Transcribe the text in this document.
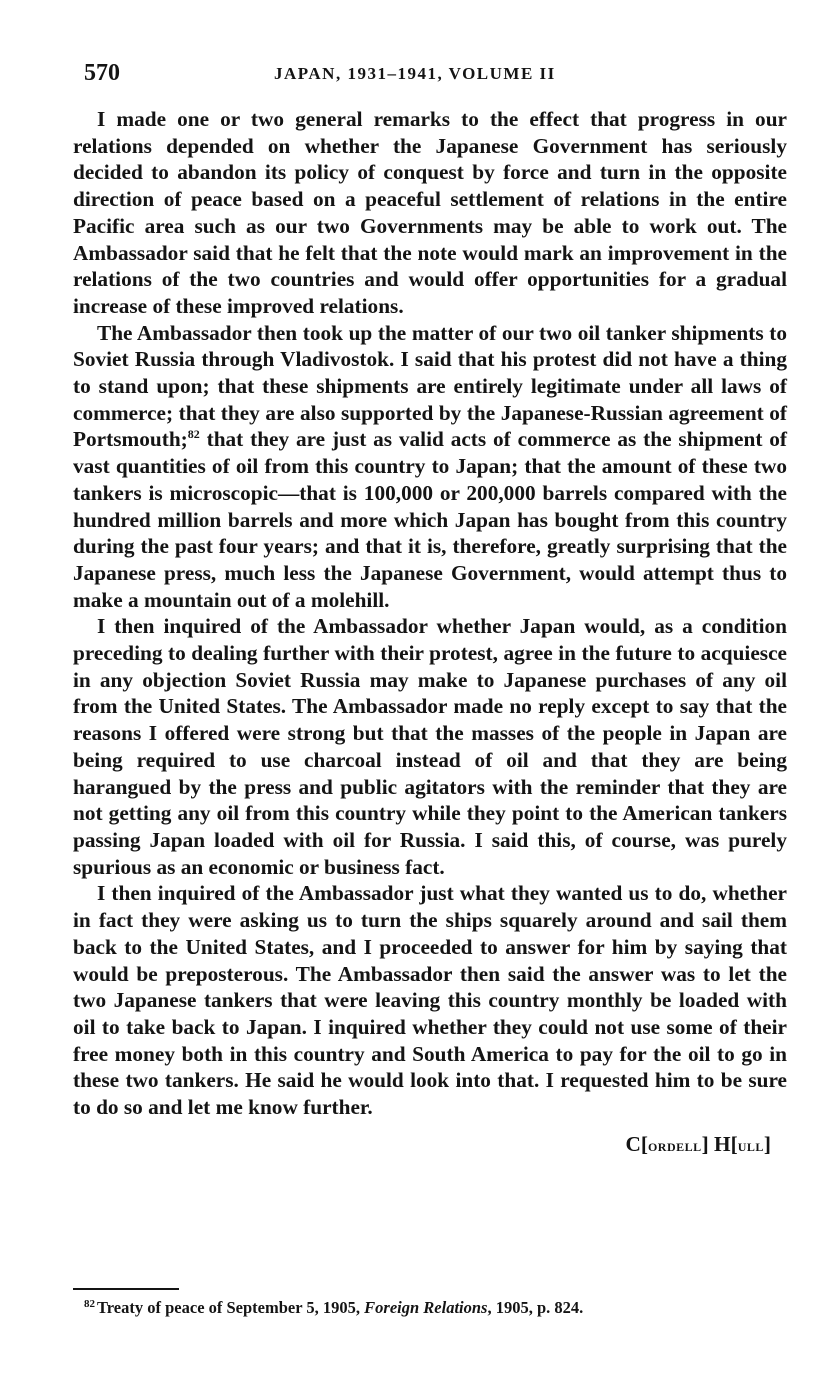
570	JAPAN, 1931–1941, VOLUME II

I made one or two general remarks to the effect that progress in our relations depended on whether the Japanese Government has seriously decided to abandon its policy of conquest by force and turn in the opposite direction of peace based on a peaceful settlement of relations in the entire Pacific area such as our two Governments may be able to work out. The Ambassador said that he felt that the note would mark an improvement in the relations of the two countries and would offer opportunities for a gradual increase of these improved relations.

The Ambassador then took up the matter of our two oil tanker shipments to Soviet Russia through Vladivostok. I said that his protest did not have a thing to stand upon; that these shipments are entirely legitimate under all laws of commerce; that they are also supported by the Japanese-Russian agreement of Portsmouth;$^{82}$ that they are just as valid acts of commerce as the shipment of vast quantities of oil from this country to Japan; that the amount of these two tankers is microscopic—that is 100,000 or 200,000 barrels compared with the hundred million barrels and more which Japan has bought from this country during the past four years; and that it is, therefore, greatly surprising that the Japanese press, much less the Japanese Government, would attempt thus to make a mountain out of a molehill.

I then inquired of the Ambassador whether Japan would, as a condition preceding to dealing further with their protest, agree in the future to acquiesce in any objection Soviet Russia may make to Japanese purchases of any oil from the United States. The Ambassador made no reply except to say that the reasons I offered were strong but that the masses of the people in Japan are being required to use charcoal instead of oil and that they are being harangued by the press and public agitators with the reminder that they are not getting any oil from this country while they point to the American tankers passing Japan loaded with oil for Russia. I said this, of course, was purely spurious as an economic or business fact.

I then inquired of the Ambassador just what they wanted us to do, whether in fact they were asking us to turn the ships squarely around and sail them back to the United States, and I proceeded to answer for him by saying that would be preposterous. The Ambassador then said the answer was to let the two Japanese tankers that were leaving this country monthly be loaded with oil to take back to Japan. I inquired whether they could not use some of their free money both in this country and South America to pay for the oil to go in these two tankers. He said he would look into that. I requested him to be sure to do so and let me know further.

C[ordell] H[ull]

$^{82}$ Treaty of peace of September 5, 1905, Foreign Relations, 1905, p. 824.
